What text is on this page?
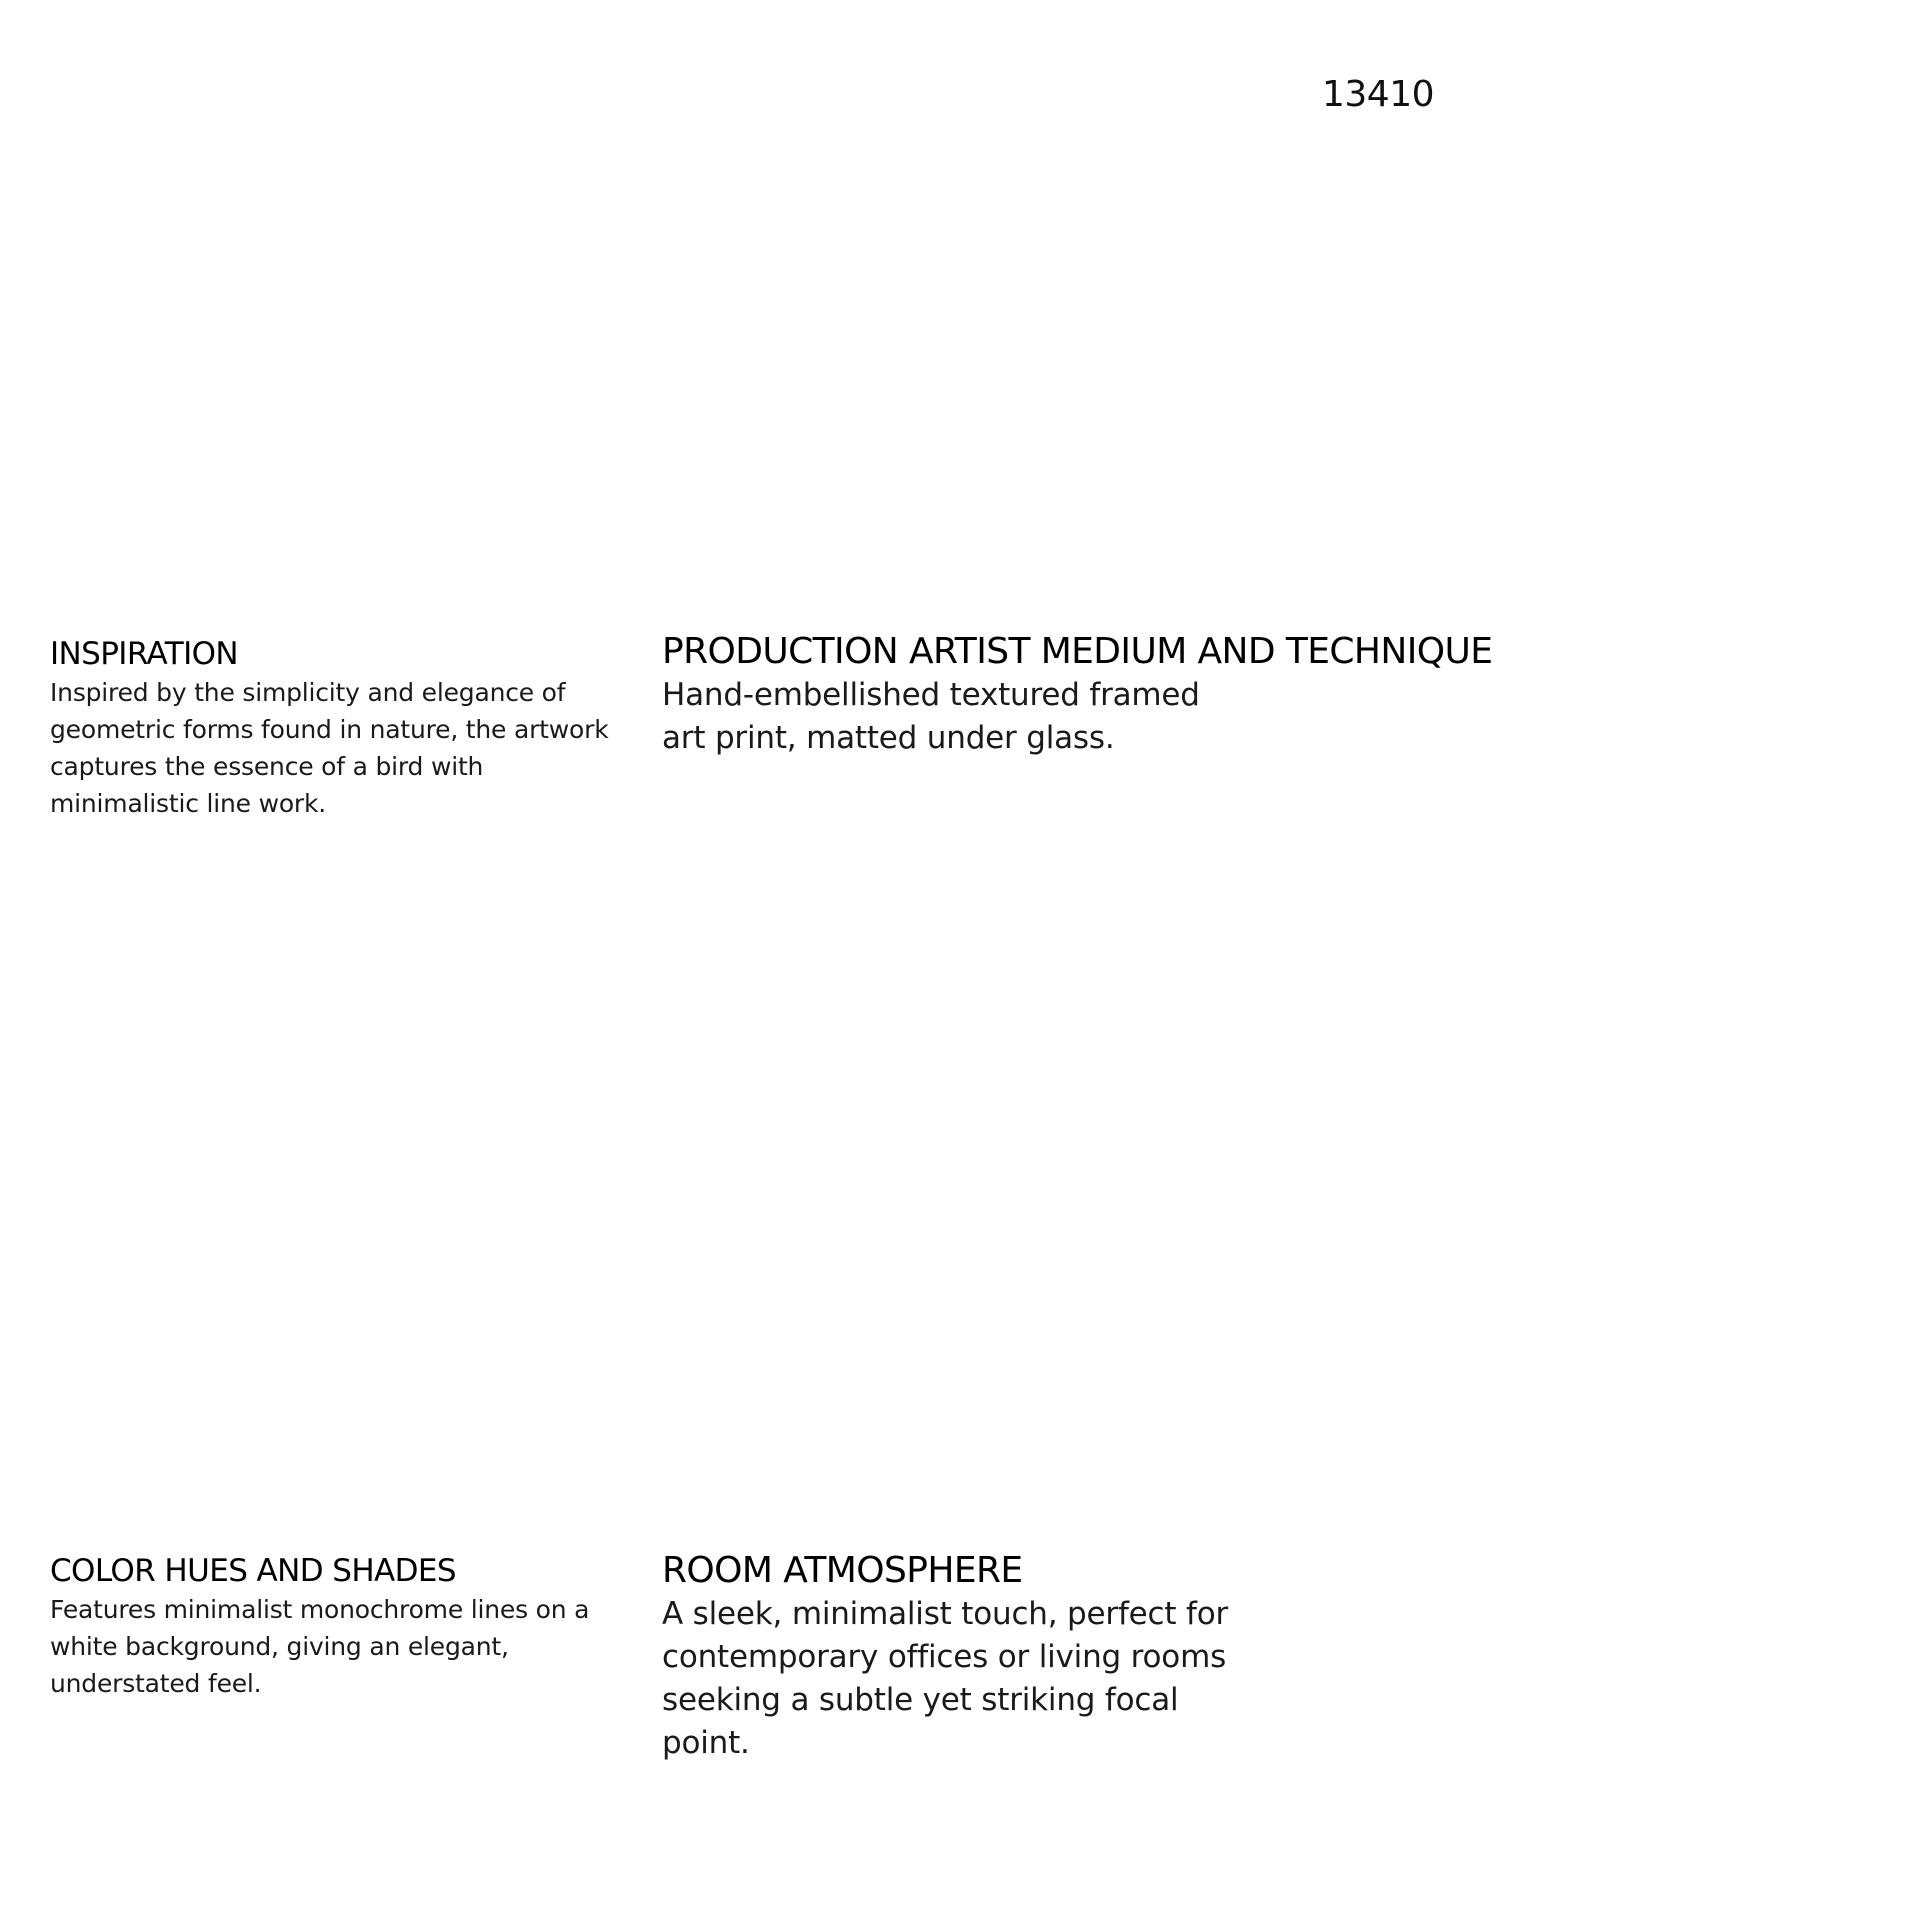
13410
INSPIRATION

Inspired by the simplicity and elegance of geometric forms found in nature, the artwork captures the essence of a bird with minimalistic line work.

PRODUCTION ARTIST MEDIUM AND TECHNIQUE

Hand-embellished textured framed art print, matted under glass.

COLOR HUES AND SHADES

Features minimalist monochrome lines on a white background, giving an elegant, understated feel.

ROOM ATMOSPHERE

A sleek, minimalist touch, perfect for contemporary offices or living rooms seeking a subtle yet striking focal point.
